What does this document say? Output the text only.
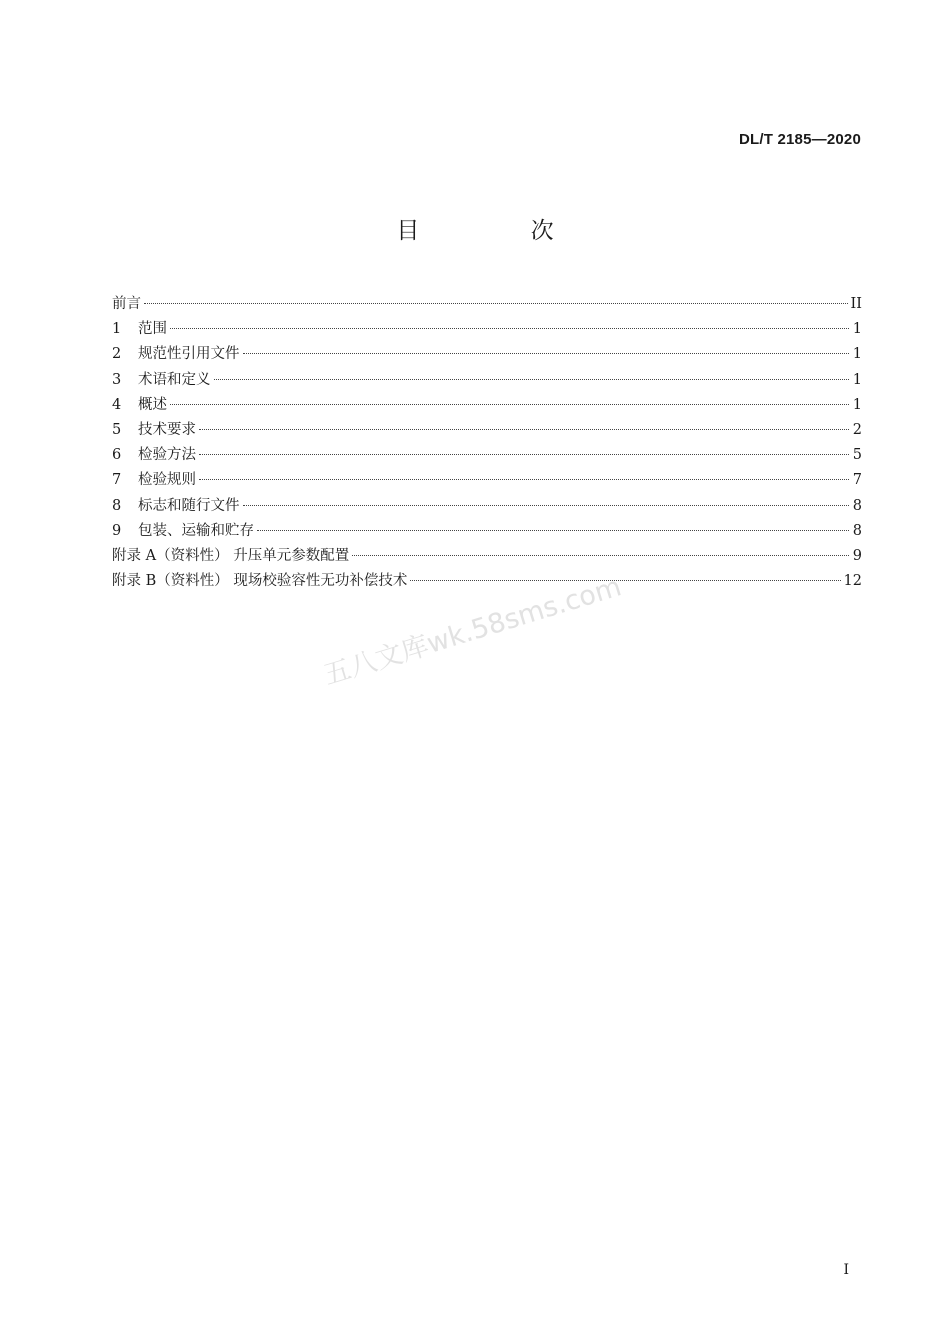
DL/T 2185—2020
目 次
前言	II
1	范围	1
2	规范性引用文件	1
3	术语和定义	1
4	概述	1
5	技术要求	2
6	检验方法	5
7	检验规则	7
8	标志和随行文件	8
9	包装、运输和贮存	8
附录 A（资料性） 升压单元参数配置	9
附录 B（资料性） 现场校验容性无功补偿技术	12
五八文库wk.58sms.com
I
